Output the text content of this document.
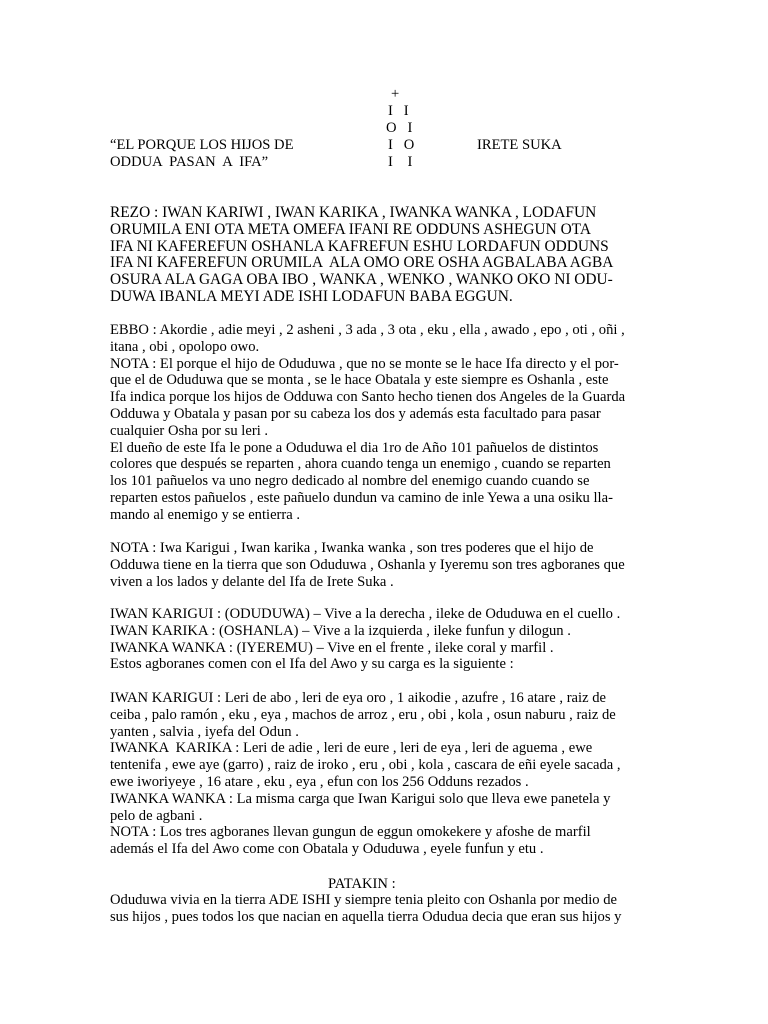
+
I   I
O   I
I   O
I    I
“EL PORQUE LOS HIJOS DE
ODDUA  PASAN  A  IFA”
IRETE SUKA
REZO : IWAN KARIWI , IWAN KARIKA , IWANKA WANKA , LODAFUN
ORUMILA ENI OTA META OMEFA IFANI RE ODDUNS ASHEGUN OTA
IFA NI KAFEREFUN OSHANLA KAFREFUN ESHU LORDAFUN ODDUNS
IFA NI KAFEREFUN ORUMILA  ALA OMO ORE OSHA AGBALABA AGBA
OSURA ALA GAGA OBA IBO , WANKA , WENKO , WANKO OKO NI ODU-
DUWA IBANLA MEYI ADE ISHI LODAFUN BABA EGGUN.
EBBO : Akordie , adie meyi , 2 asheni , 3 ada , 3 ota , eku , ella , awado , epo , oti , oñi ,
itana , obi , opolopo owo.
NOTA : El porque el hijo de Oduduwa , que no se monte se le hace Ifa directo y el por-
que el de Oduduwa que se monta , se le hace Obatala y este siempre es Oshanla , este
Ifa indica porque los hijos de Odduwa con Santo hecho tienen dos Angeles de la Guarda
Odduwa y Obatala y pasan por su cabeza los dos y además esta facultado para pasar
cualquier Osha por su leri .
El dueño de este Ifa le pone a Oduduwa el dia 1ro de Año 101 pañuelos de distintos
colores que después se reparten , ahora cuando tenga un enemigo , cuando se reparten
los 101 pañuelos va uno negro dedicado al nombre del enemigo cuando cuando se
reparten estos pañuelos , este pañuelo dundun va camino de inle Yewa a una osiku lla-
mando al enemigo y se entierra .
NOTA : Iwa Karigui , Iwan karika , Iwanka wanka , son tres poderes que el hijo de
Odduwa tiene en la tierra que son Oduduwa , Oshanla y Iyeremu son tres agboranes que
viven a los lados y delante del Ifa de Irete Suka .
IWAN KARIGUI : (ODUDUWA) – Vive a la derecha , ileke de Oduduwa en el cuello .
IWAN KARIKA : (OSHANLA) – Vive a la izquierda , ileke funfun y dilogun .
IWANKA WANKA : (IYEREMU) – Vive en el frente , ileke coral y marfil .
Estos agboranes comen con el Ifa del Awo y su carga es la siguiente :
IWAN KARIGUI : Leri de abo , leri de eya oro , 1 aikodie , azufre , 16 atare , raiz de
ceiba , palo ramón , eku , eya , machos de arroz , eru , obi , kola , osun naburu , raiz de
yanten , salvia , iyefa del Odun .
IWANKA  KARIKA : Leri de adie , leri de eure , leri de eya , leri de aguema , ewe
tentenifa , ewe aye (garro) , raiz de iroko , eru , obi , kola , cascara de eñi eyele sacada ,
ewe iworiyeye , 16 atare , eku , eya , efun con los 256 Odduns rezados .
IWANKA WANKA : La misma carga que Iwan Karigui solo que lleva ewe panetela y
pelo de agbani .
NOTA : Los tres agboranes llevan gungun de eggun omokekere y afoshe de marfil
además el Ifa del Awo come con Obatala y Oduduwa , eyele funfun y etu .
PATAKIN :
Oduduwa vivia en la tierra ADE ISHI y siempre tenia pleito con Oshanla por medio de
sus hijos , pues todos los que nacian en aquella tierra Odudua decia que eran sus hijos y
